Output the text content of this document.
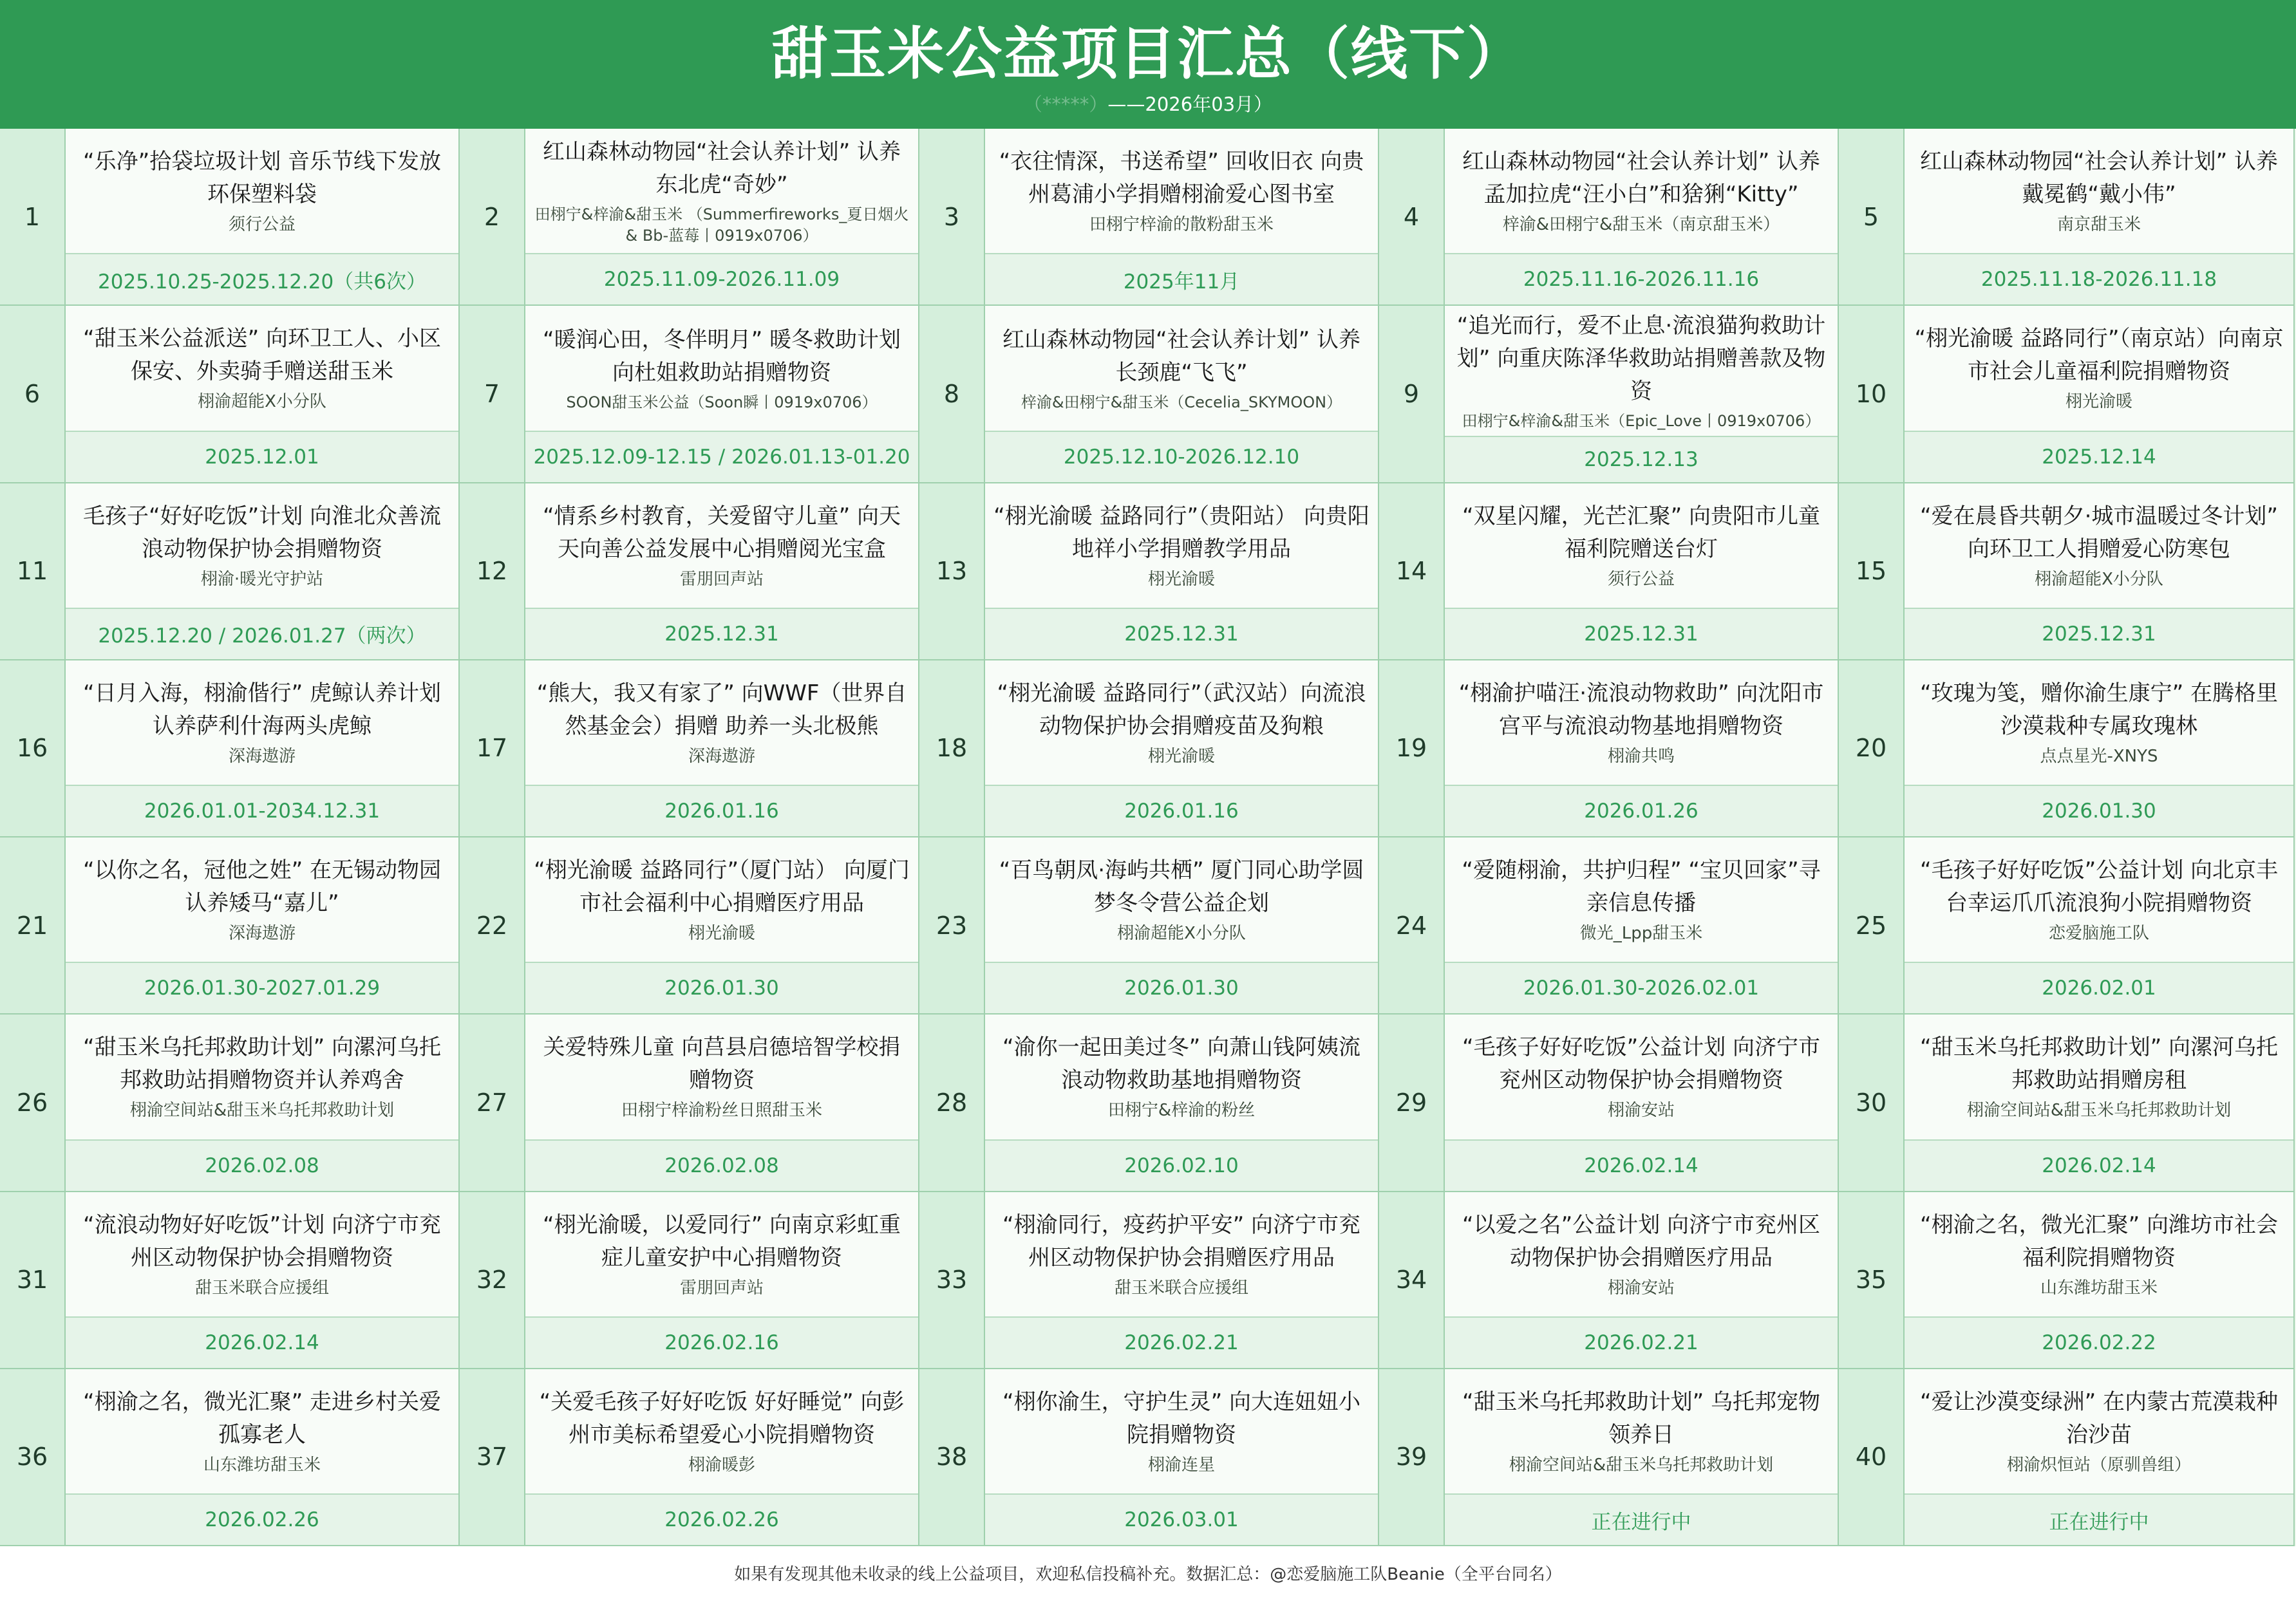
甜玉米公益项目汇总（线下）
（*****）——2026年03月）
1
“乐净”拾袋垃圾计划 音乐节线下发放环保塑料袋
须行公益
2025.10.25-2025.12.20（共6次）
2
红山森林动物园“社会认养计划” 认养东北虎“奇妙”
田栩宁&梓渝&甜玉米 （Summerfireworks_夏日烟火 & Bb-蓝莓丨0919x0706）
2025.11.09-2026.11.09
3
“衣往情深，书送希望” 回收旧衣 向贵州葛浦小学捐赠栩渝爱心图书室
田栩宁梓渝的散粉甜玉米
2025年11月
4
红山森林动物园“社会认养计划” 认养孟加拉虎“汪小白”和猞猁“Kitty”
梓渝&田栩宁&甜玉米（南京甜玉米）
2025.11.16-2026.11.16
5
红山森林动物园“社会认养计划” 认养戴冕鹤“戴小伟”
南京甜玉米
2025.11.18-2026.11.18
6
“甜玉米公益派送” 向环卫工人、小区保安、外卖骑手赠送甜玉米
栩渝超能X小分队
2025.12.01
7
“暖润心田，冬伴明月” 暖冬救助计划 向杜姐救助站捐赠物资
SOON甜玉米公益（Soon瞬丨0919x0706）
2025.12.09-12.15 / 2026.01.13-01.20
8
红山森林动物园“社会认养计划” 认养长颈鹿“飞飞”
梓渝&田栩宁&甜玉米（Cecelia_SKYMOON）
2025.12.10-2026.12.10
9
“追光而行，爱不止息·流浪猫狗救助计划” 向重庆陈泽华救助站捐赠善款及物资
田栩宁&梓渝&甜玉米（Epic_Love丨0919x0706）
2025.12.13
10
“栩光渝暖 益路同行”（南京站）向南京市社会儿童福利院捐赠物资
栩光渝暖
2025.12.14
11
毛孩子“好好吃饭”计划 向淮北众善流浪动物保护协会捐赠物资
栩渝·暖光守护站
2025.12.20 / 2026.01.27（两次）
12
“情系乡村教育，关爱留守儿童” 向天天向善公益发展中心捐赠阅光宝盒
雷朋回声站
2025.12.31
13
“栩光渝暖 益路同行”（贵阳站） 向贵阳地祥小学捐赠教学用品
栩光渝暖
2025.12.31
14
“双星闪耀，光芒汇聚” 向贵阳市儿童福利院赠送台灯
须行公益
2025.12.31
15
“爱在晨昏共朝夕·城市温暖过冬计划” 向环卫工人捐赠爱心防寒包
栩渝超能X小分队
2025.12.31
16
“日月入海，栩渝偕行” 虎鲸认养计划 认养萨利什海两头虎鲸
深海遨游
2026.01.01-2034.12.31
17
“熊大，我又有家了” 向WWF（世界自然基金会）捐赠 助养一头北极熊
深海遨游
2026.01.16
18
“栩光渝暖 益路同行”（武汉站）向流浪动物保护协会捐赠疫苗及狗粮
栩光渝暖
2026.01.16
19
“栩渝护喵汪·流浪动物救助” 向沈阳市宫平与流浪动物基地捐赠物资
栩渝共鸣
2026.01.26
20
“玫瑰为笺，赠你渝生康宁” 在腾格里沙漠栽种专属玫瑰林
点点星光-XNYS
2026.01.30
21
“以你之名，冠他之姓” 在无锡动物园认养矮马“嘉儿”
深海遨游
2026.01.30-2027.01.29
22
“栩光渝暖 益路同行”（厦门站） 向厦门市社会福利中心捐赠医疗用品
栩光渝暖
2026.01.30
23
“百鸟朝凤·海屿共栖” 厦门同心助学圆梦冬令营公益企划
栩渝超能X小分队
2026.01.30
24
“爱随栩渝，共护归程” “宝贝回家”寻亲信息传播
微光_Lpp甜玉米
2026.01.30-2026.02.01
25
“毛孩子好好吃饭”公益计划 向北京丰台幸运爪爪流浪狗小院捐赠物资
恋爱脑施工队
2026.02.01
26
“甜玉米乌托邦救助计划” 向漯河乌托邦救助站捐赠物资并认养鸡舍
栩渝空间站&甜玉米乌托邦救助计划
2026.02.08
27
关爱特殊儿童 向莒县启德培智学校捐赠物资
田栩宁梓渝粉丝日照甜玉米
2026.02.08
28
“渝你一起田美过冬” 向萧山钱阿姨流浪动物救助基地捐赠物资
田栩宁&梓渝的粉丝
2026.02.10
29
“毛孩子好好吃饭”公益计划 向济宁市兖州区动物保护协会捐赠物资
栩渝安站
2026.02.14
30
“甜玉米乌托邦救助计划” 向漯河乌托邦救助站捐赠房租
栩渝空间站&甜玉米乌托邦救助计划
2026.02.14
31
“流浪动物好好吃饭”计划 向济宁市兖州区动物保护协会捐赠物资
甜玉米联合应援组
2026.02.14
32
“栩光渝暖，以爱同行” 向南京彩虹重症儿童安护中心捐赠物资
雷朋回声站
2026.02.16
33
“栩渝同行，疫药护平安” 向济宁市兖州区动物保护协会捐赠医疗用品
甜玉米联合应援组
2026.02.21
34
“以爱之名”公益计划 向济宁市兖州区动物保护协会捐赠医疗用品
栩渝安站
2026.02.21
35
“栩渝之名，微光汇聚” 向潍坊市社会福利院捐赠物资
山东潍坊甜玉米
2026.02.22
36
“栩渝之名，微光汇聚” 走进乡村关爱孤寡老人
山东潍坊甜玉米
2026.02.26
37
“关爱毛孩子好好吃饭 好好睡觉” 向彭州市美标希望爱心小院捐赠物资
栩渝暖彭
2026.02.26
38
“栩你渝生，守护生灵” 向大连妞妞小院捐赠物资
栩渝连星
2026.03.01
39
“甜玉米乌托邦救助计划” 乌托邦宠物领养日
栩渝空间站&甜玉米乌托邦救助计划
正在进行中
40
“爱让沙漠变绿洲” 在内蒙古荒漠栽种治沙苗
栩渝炽恒站（原驯兽组）
正在进行中
如果有发现其他未收录的线上公益项目，欢迎私信投稿补充。数据汇总：@恋爱脑施工队Beanie（全平台同名）
